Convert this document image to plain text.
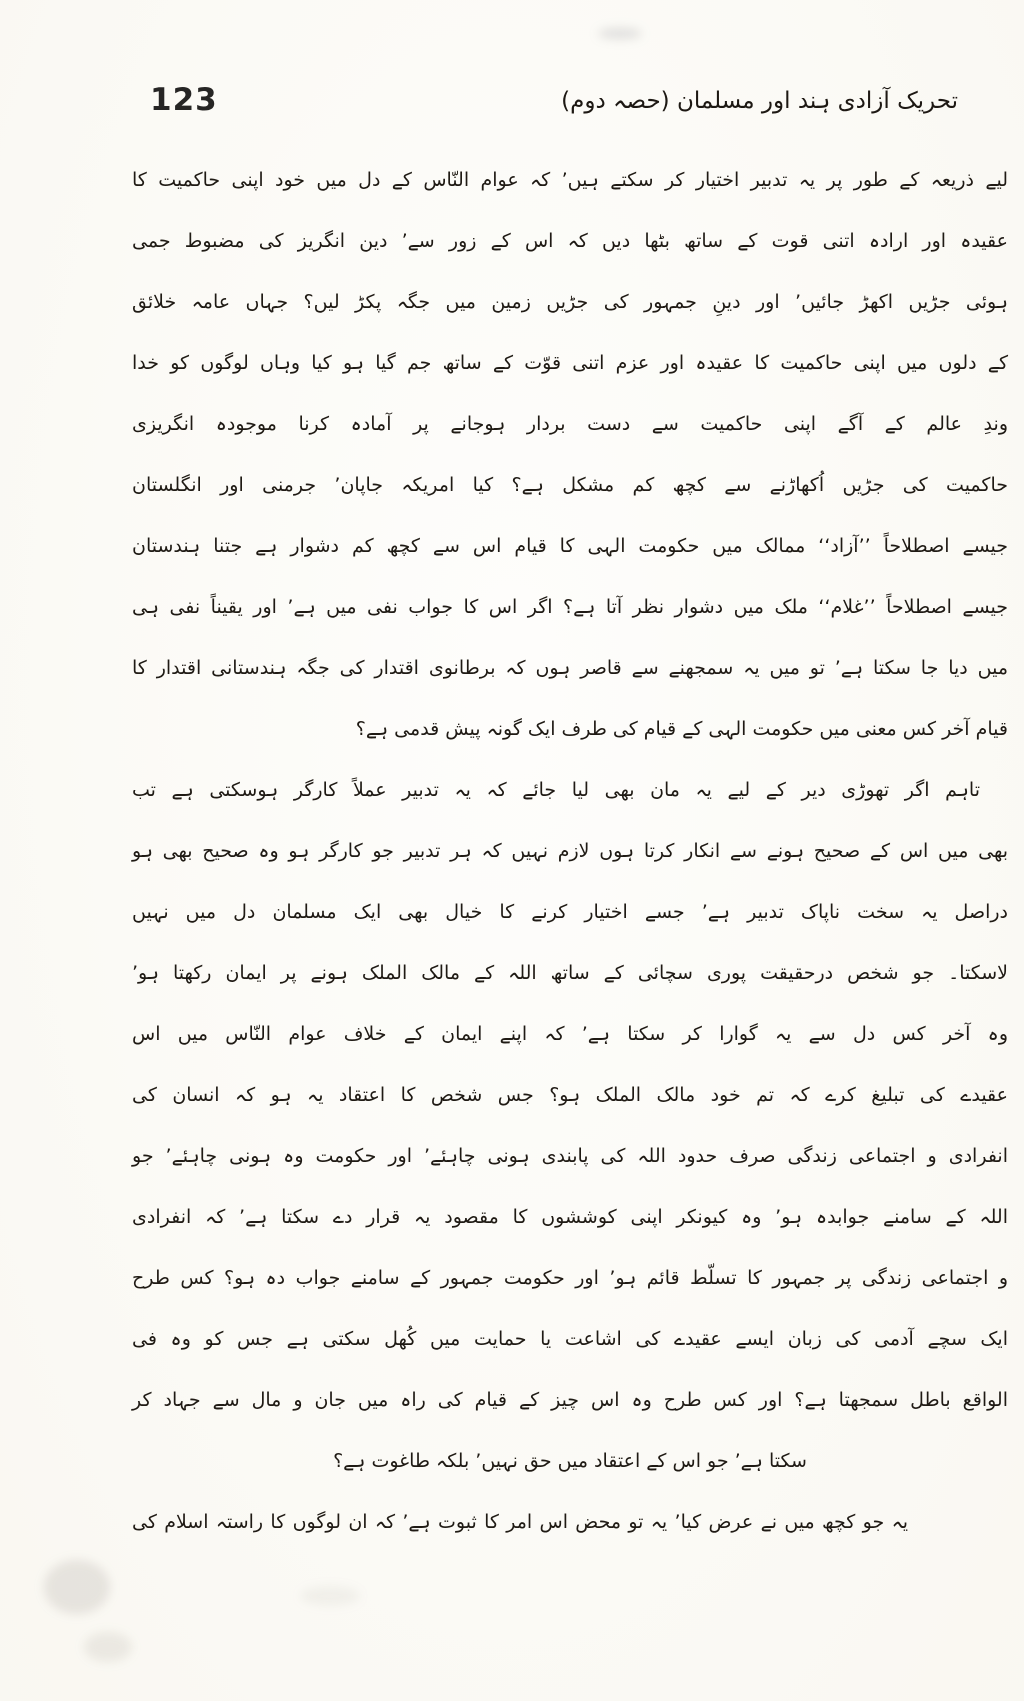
123	تحریک آزادی ہند اور مسلمان (حصہ دوم)
لیے ذریعہ کے طور پر یہ تدبیر اختیار کر سکتے ہیں’ کہ عوام النّاس کے دل میں خود اپنی حاکمیت کا
عقیدہ اور ارادہ اتنی قوت کے ساتھ بٹھا دیں کہ اس کے زور سے’ دین انگریز کی مضبوط جمی
ہوئی جڑیں اکھڑ جائیں’ اور دینِ جمہور کی جڑیں زمین میں جگہ پکڑ لیں؟ جہاں عامہ خلائق
کے دلوں میں اپنی حاکمیت کا عقیدہ اور عزم اتنی قوّت کے ساتھ جم گیا ہو کیا وہاں لوگوں کو خدا
وندِ عالم کے آگے اپنی حاکمیت سے دست بردار ہوجانے پر آمادہ کرنا موجودہ انگریزی
حاکمیت کی جڑیں اُکھاڑنے سے کچھ کم مشکل ہے؟ کیا امریکہ جاپان’ جرمنی اور انگلستان
جیسے اصطلاحاً ’’آزاد‘‘ ممالک میں حکومت الہی کا قیام اس سے کچھ کم دشوار ہے جتنا ہندستان
جیسے اصطلاحاً ’’غلام‘‘ ملک میں دشوار نظر آتا ہے؟ اگر اس کا جواب نفی میں ہے’ اور یقیناً نفی ہی
میں دیا جا سکتا ہے’ تو میں یہ سمجھنے سے قاصر ہوں کہ برطانوی اقتدار کی جگہ ہندستانی اقتدار کا
قیام آخر کس معنی میں حکومت الہی کے قیام کی طرف ایک گونہ پیش قدمی ہے؟
تاہم اگر تھوڑی دیر کے لیے یہ مان بھی لیا جائے کہ یہ تدبیر عملاً کارگر ہوسکتی ہے تب
بھی میں اس کے صحیح ہونے سے انکار کرتا ہوں لازم نہیں کہ ہر تدبیر جو کارگر ہو وہ صحیح بھی ہو
دراصل یہ سخت ناپاک تدبیر ہے’ جسے اختیار کرنے کا خیال بھی ایک مسلمان دل میں نہیں
لاسکتا۔ جو شخص درحقیقت پوری سچائی کے ساتھ اللہ کے مالک الملک ہونے پر ایمان رکھتا ہو’
وہ آخر کس دل سے یہ گوارا کر سکتا ہے’ کہ اپنے ایمان کے خلاف عوام النّاس میں اس
عقیدے کی تبلیغ کرے کہ تم خود مالک الملک ہو؟ جس شخص کا اعتقاد یہ ہو کہ انسان کی
انفرادی و اجتماعی زندگی صرف حدود اللہ کی پابندی ہونی چاہئے’ اور حکومت وہ ہونی چاہئے’ جو
اللہ کے سامنے جوابدہ ہو’ وہ کیونکر اپنی کوششوں کا مقصود یہ قرار دے سکتا ہے’ کہ انفرادی
و اجتماعی زندگی پر جمہور کا تسلّط قائم ہو’ اور حکومت جمہور کے سامنے جواب دہ ہو؟ کس طرح
ایک سچے آدمی کی زبان ایسے عقیدے کی اشاعت یا حمایت میں کُھل سکتی ہے جس کو وہ فی
الواقع باطل سمجھتا ہے؟ اور کس طرح وہ اس چیز کے قیام کی راہ میں جان و مال سے جہاد کر
سکتا ہے’ جو اس کے اعتقاد میں حق نہیں’ بلکہ طاغوت ہے؟
یہ جو کچھ میں نے عرض کیا’ یہ تو محض اس امر کا ثبوت ہے’ کہ ان لوگوں کا راستہ اسلام کی
